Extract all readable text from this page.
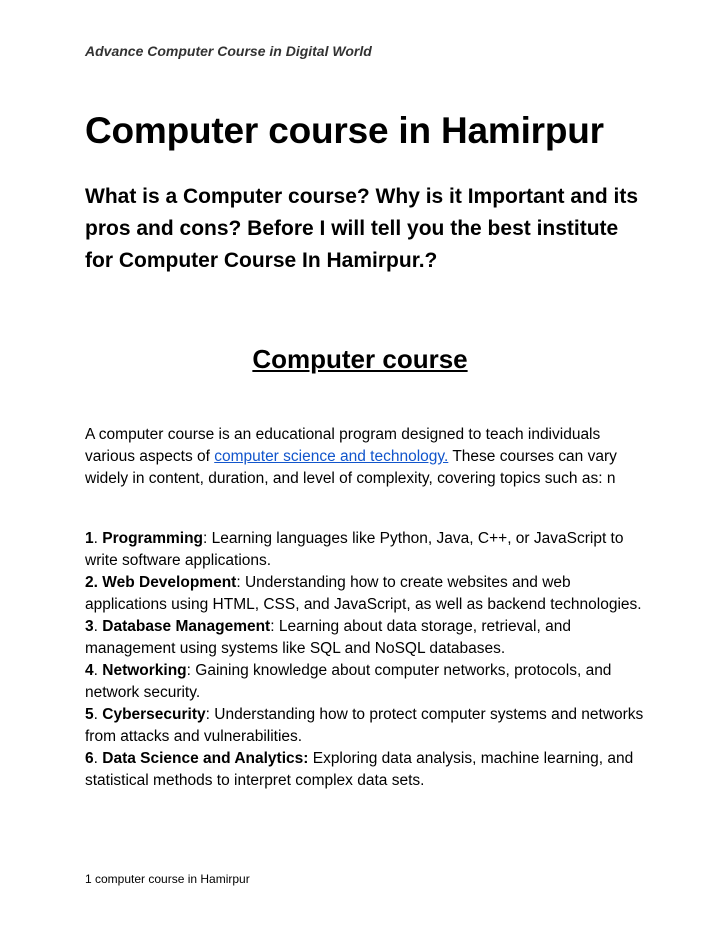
Advance Computer Course in Digital World
Computer course in Hamirpur
What is a Computer course? Why is it Important and its pros and cons? Before I will tell you the best institute for Computer Course In Hamirpur.?
Computer course

A computer course is an educational program designed to teach individuals various aspects of computer science and technology. These courses can vary widely in content, duration, and level of complexity, covering topics such as: n

1. Programming: Learning languages like Python, Java, C++, or JavaScript to write software applications.
2. Web Development: Understanding how to create websites and web applications using HTML, CSS, and JavaScript, as well as backend technologies.
3. Database Management: Learning about data storage, retrieval, and management using systems like SQL and NoSQL databases.
4. Networking: Gaining knowledge about computer networks, protocols, and network security.
5. Cybersecurity: Understanding how to protect computer systems and networks from attacks and vulnerabilities.
6. Data Science and Analytics: Exploring data analysis, machine learning, and statistical methods to interpret complex data sets.
1 computer course in Hamirpur
